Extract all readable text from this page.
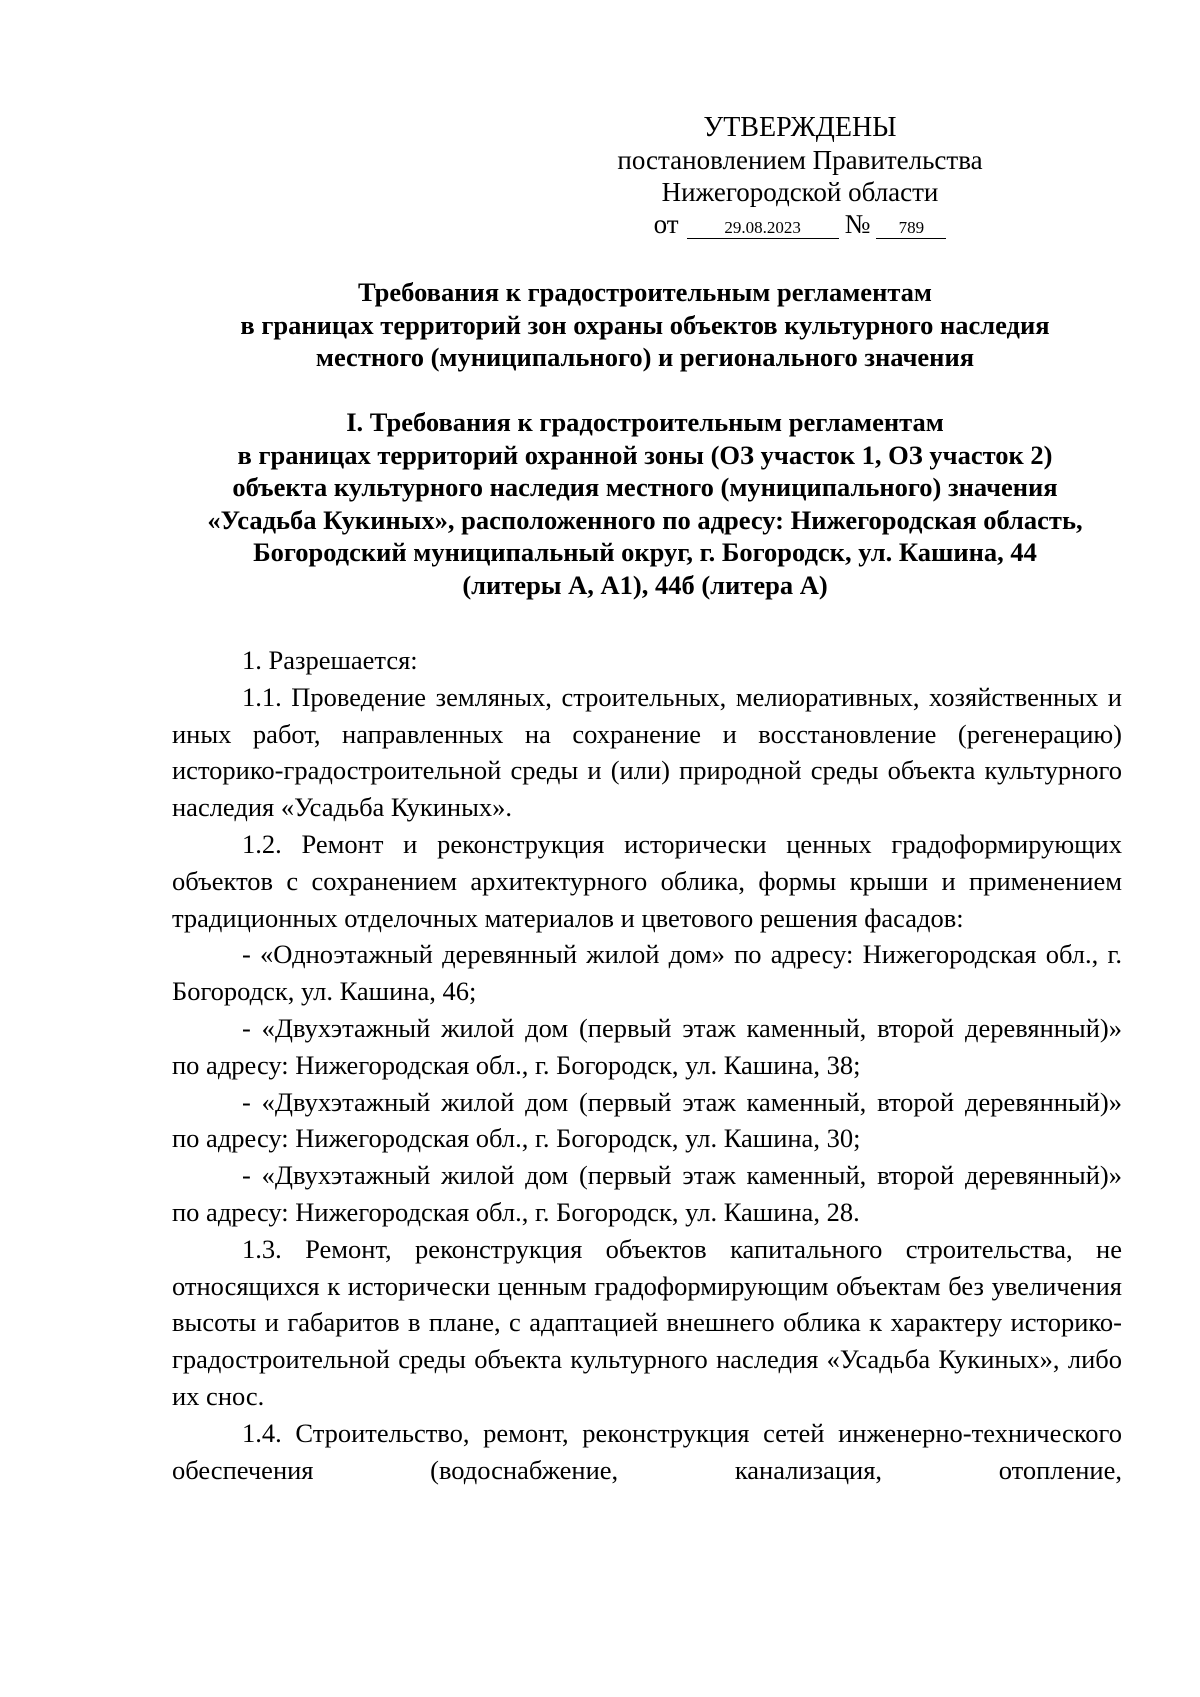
УТВЕРЖДЕНЫ
постановлением Правительства
Нижегородской области
от	29.08.2023 № 789
Требования к градостроительным регламентам
в границах территорий зон охраны объектов культурного наследия
местного (муниципального) и регионального значения
I. Требования к градостроительным регламентам
в границах территорий охранной зоны (ОЗ участок 1, ОЗ участок 2)
объекта культурного наследия местного (муниципального) значения
«Усадьба Кукиных», расположенного по адресу: Нижегородская область,
Богородский муниципальный округ, г. Богородск, ул. Кашина, 44
(литеры А, А1), 44б (литера А)

1. Разрешается:

1.1. Проведение земляных, строительных, мелиоративных, хозяйственных и иных работ, направленных на сохранение и восстановление (регенерацию) историко-градостроительной среды и (или) природной среды объекта культурного наследия «Усадьба Кукиных».

1.2. Ремонт и реконструкция исторически ценных градоформирующих объектов с сохранением архитектурного облика, формы крыши и применением традиционных отделочных материалов и цветового решения фасадов:

- «Одноэтажный деревянный жилой дом» по адресу: Нижегородская обл., г. Богородск, ул. Кашина, 46;

- «Двухэтажный жилой дом (первый этаж каменный, второй деревянный)» по адресу: Нижегородская обл., г. Богородск, ул. Кашина, 38;

- «Двухэтажный жилой дом (первый этаж каменный, второй деревянный)» по адресу: Нижегородская обл., г. Богородск, ул. Кашина, 30;

- «Двухэтажный жилой дом (первый этаж каменный, второй деревянный)» по адресу: Нижегородская обл., г. Богородск, ул. Кашина, 28.

1.3. Ремонт, реконструкция объектов капитального строительства, не относящихся к исторически ценным градоформирующим объектам без увеличения высоты и габаритов в плане, с адаптацией внешнего облика к характеру историко-градостроительной среды объекта культурного наследия «Усадьба Кукиных», либо их снос.

1.4. Строительство, ремонт, реконструкция сетей инженерно-технического обеспечения (водоснабжение, канализация, отопление,
